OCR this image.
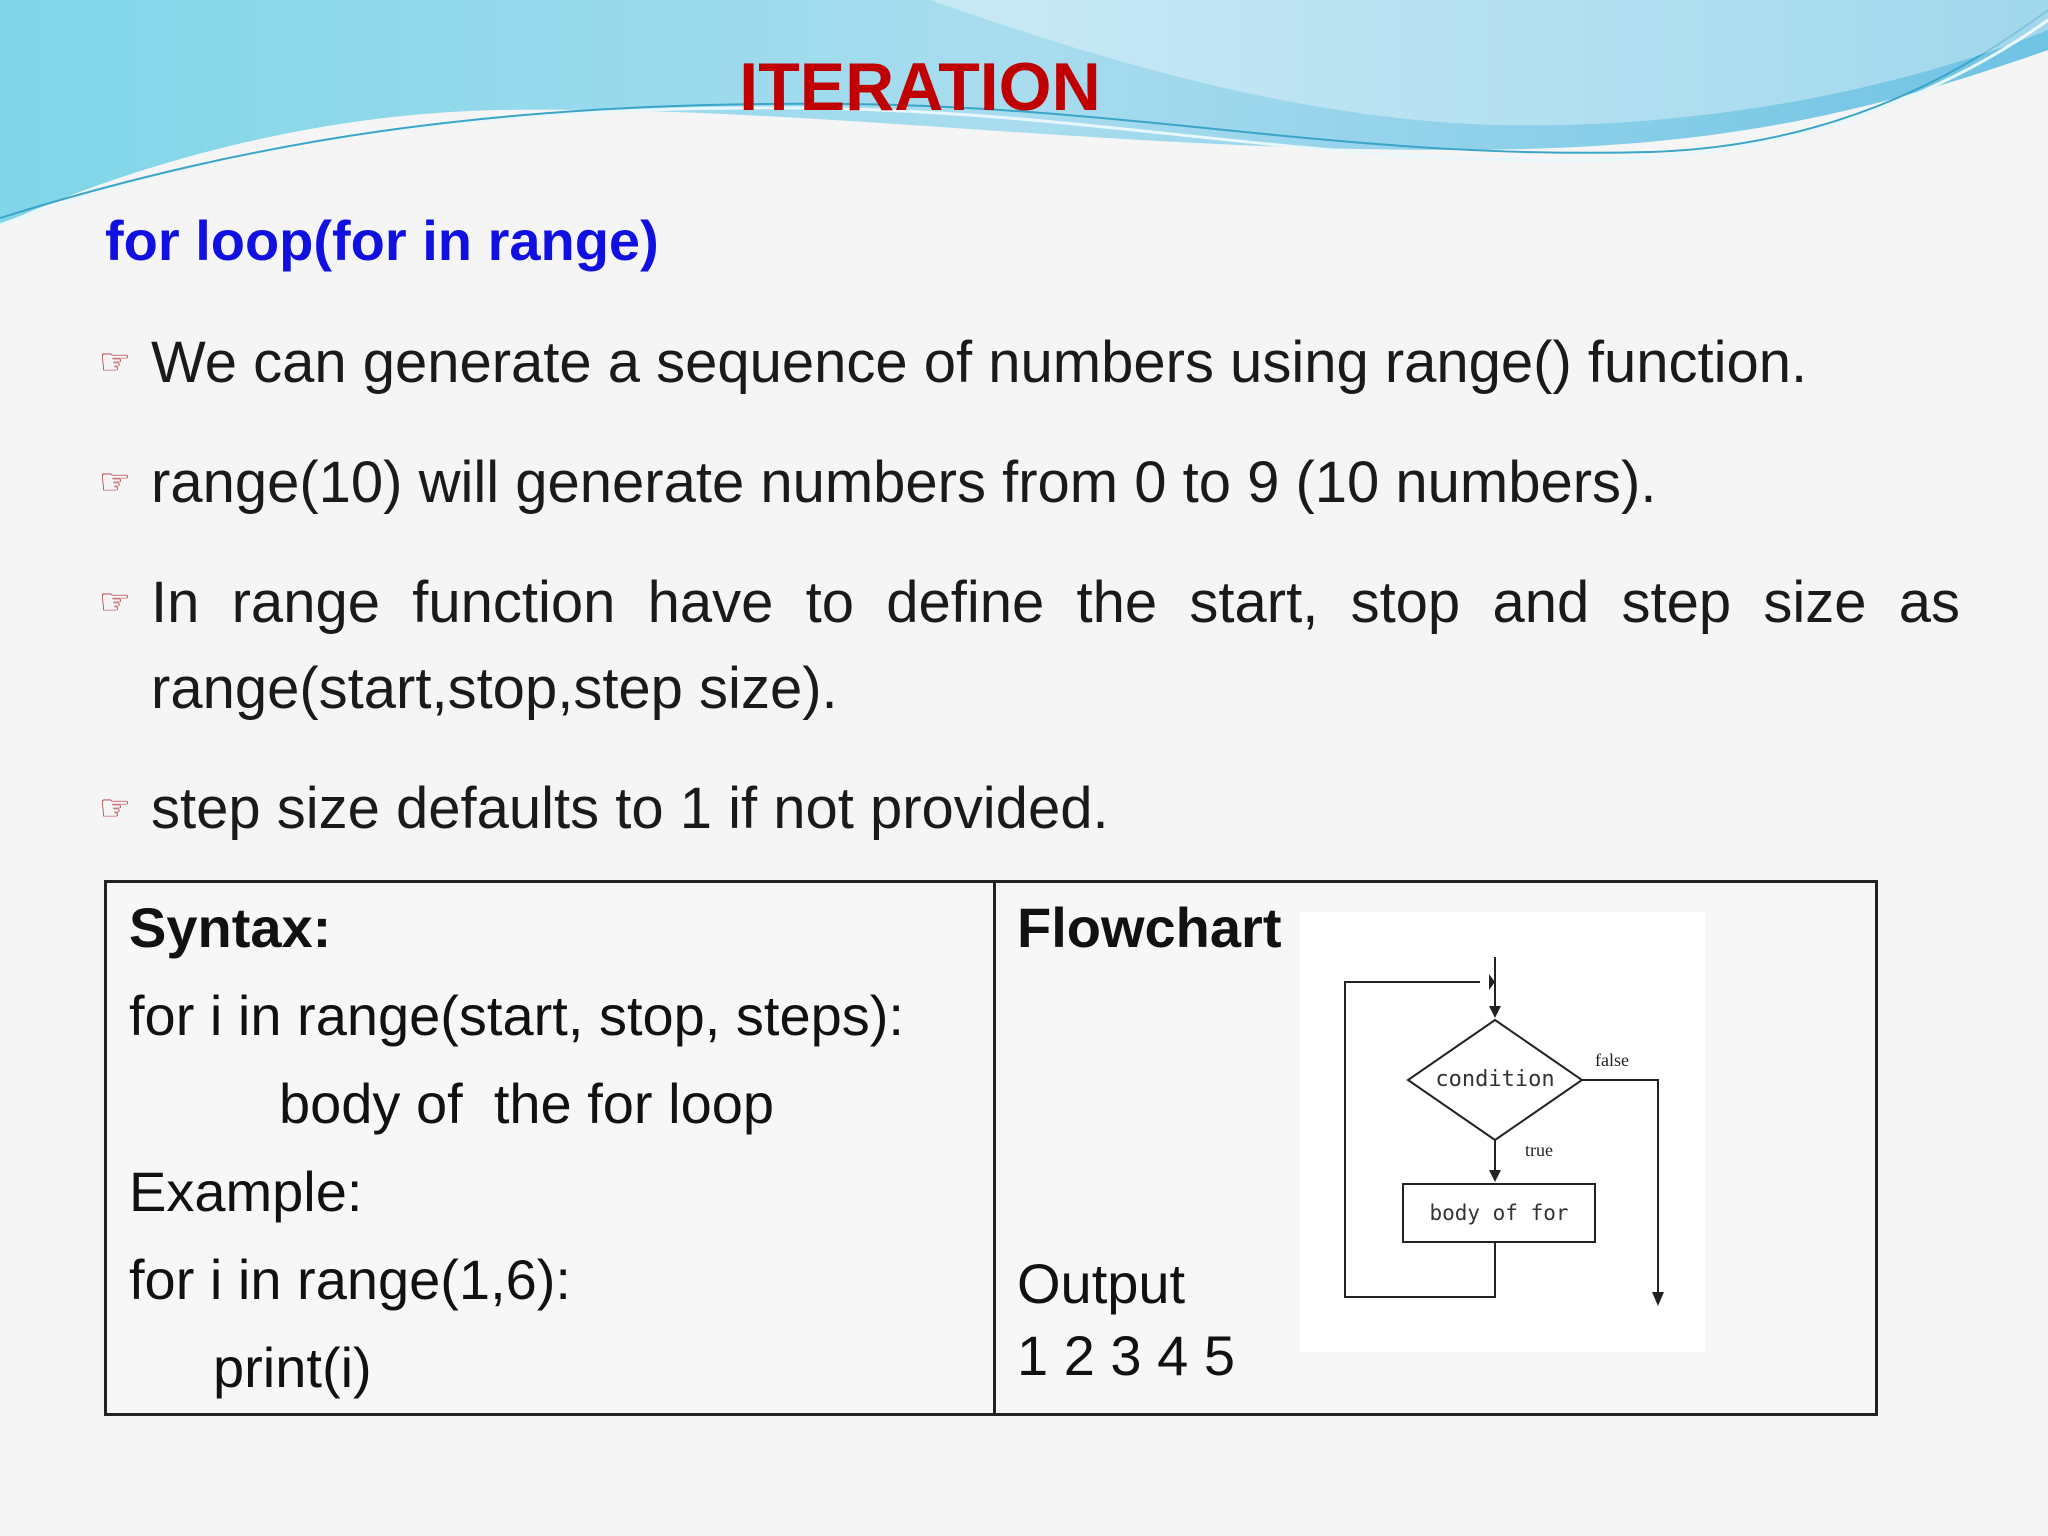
ITERATION
for loop(for in range)
☞ We can generate a sequence of numbers using range() function.
☞ range(10) will generate numbers from 0 to 9 (10 numbers).
☞ In range function have to define the start, stop and step size as range(start,stop,step size).
☞ step size defaults to 1 if not provided.
Syntax:
for i in range(start, stop, steps):
body of  the for loop
Example:
for i in range(1,6):
print(i)
Flowchart
Output
1 2 3 4 5
condition
false
true
body of for
